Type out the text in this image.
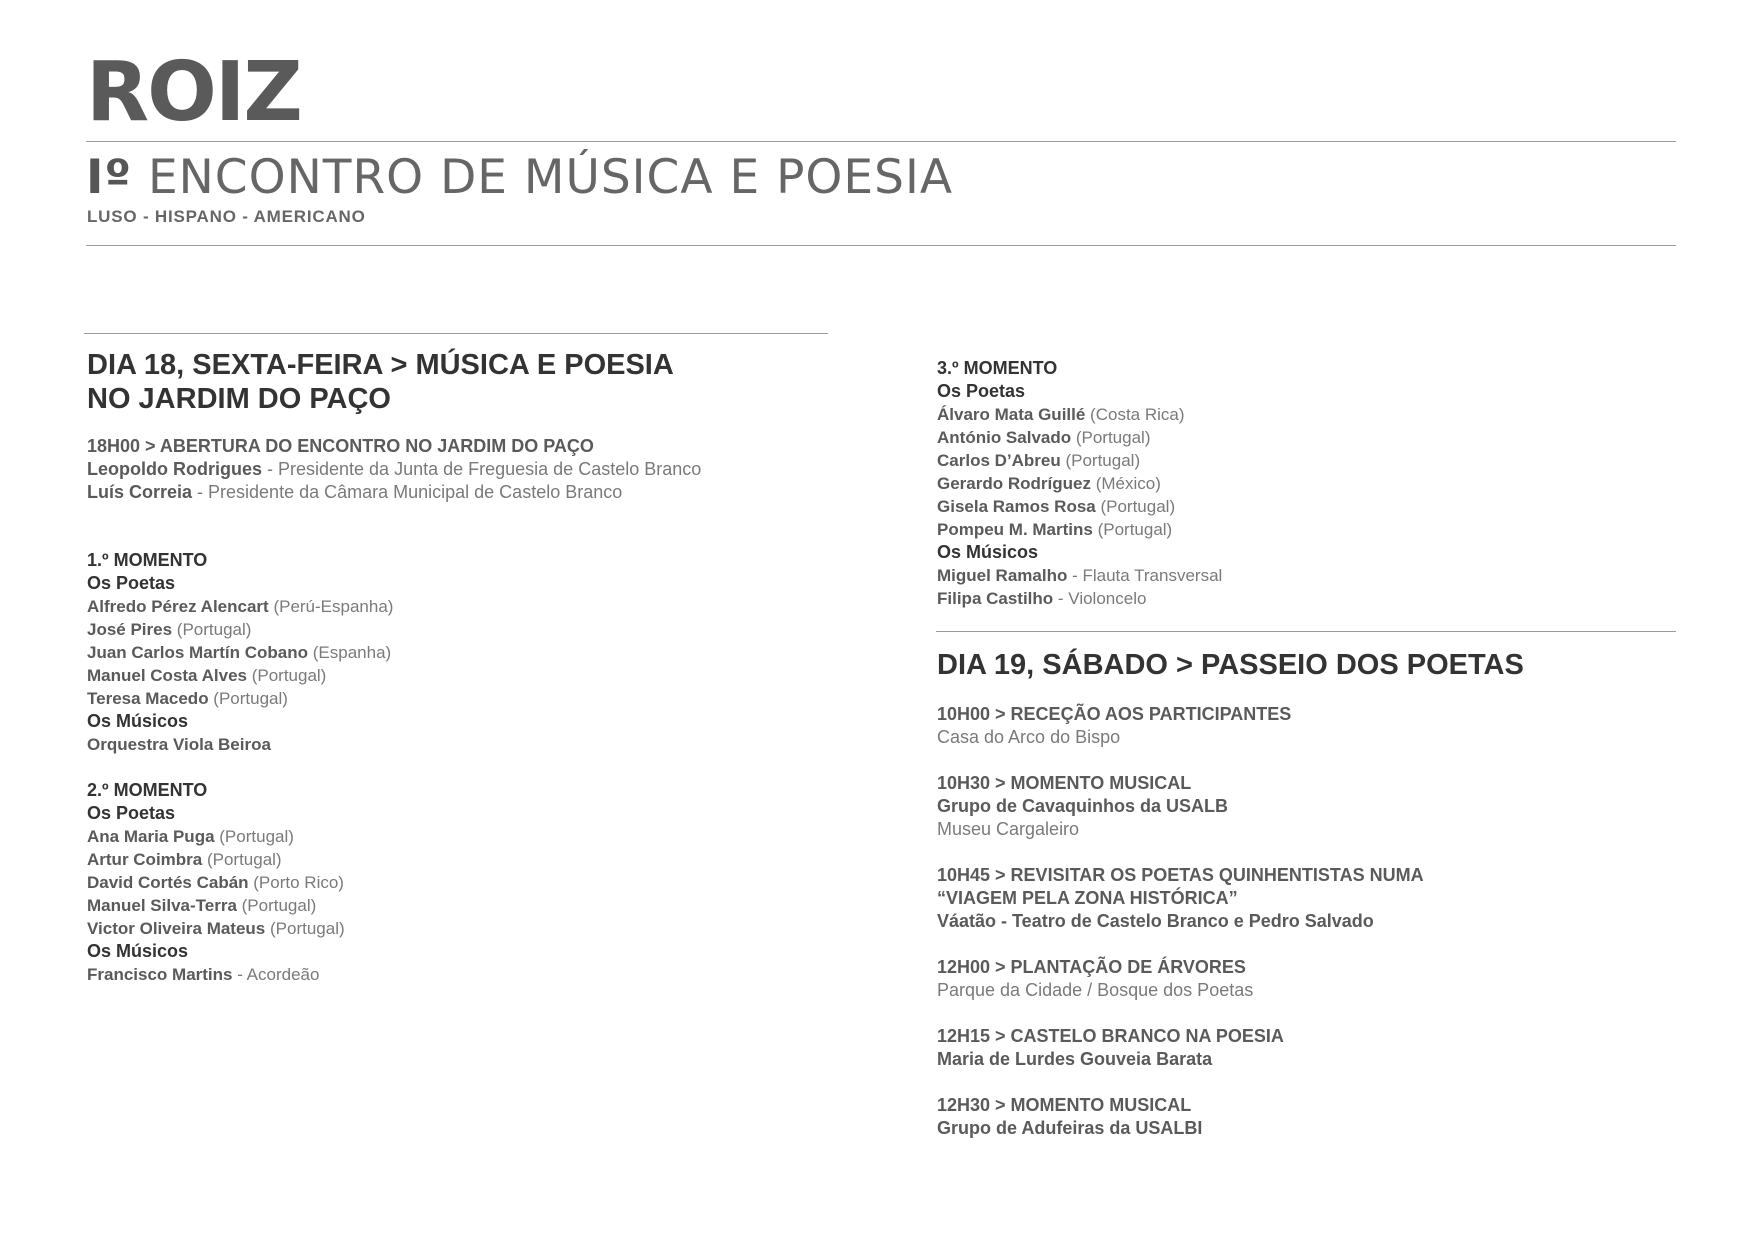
ROIZ
Iº ENCONTRO DE MÚSICA E POESIA
LUSO - HISPANO - AMERICANO
DIA 18, SEXTA-FEIRA > MÚSICA E POESIA
NO JARDIM DO PAÇO
18H00 > ABERTURA DO ENCONTRO NO JARDIM DO PAÇO
Leopoldo Rodrigues - Presidente da Junta de Freguesia de Castelo Branco
Luís Correia - Presidente da Câmara Municipal de Castelo Branco
1.º MOMENTO
Os Poetas
Alfredo Pérez Alencart (Perú-Espanha)
José Pires (Portugal)
Juan Carlos Martín Cobano (Espanha)
Manuel Costa Alves (Portugal)
Teresa Macedo (Portugal)
Os Músicos
Orquestra Viola Beiroa
2.º MOMENTO
Os Poetas
Ana Maria Puga (Portugal)
Artur Coimbra (Portugal)
David Cortés Cabán (Porto Rico)
Manuel Silva-Terra (Portugal)
Victor Oliveira Mateus (Portugal)
Os Músicos
Francisco Martins - Acordeão
3.º MOMENTO
Os Poetas
Álvaro Mata Guillé (Costa Rica)
António Salvado (Portugal)
Carlos D’Abreu (Portugal)
Gerardo Rodríguez (México)
Gisela Ramos Rosa (Portugal)
Pompeu M. Martins (Portugal)
Os Músicos
Miguel Ramalho - Flauta Transversal
Filipa Castilho - Violoncelo
DIA 19, SÁBADO > PASSEIO DOS POETAS
10H00 > RECEÇÃO AOS PARTICIPANTES
Casa do Arco do Bispo
10H30 > MOMENTO MUSICAL
Grupo de Cavaquinhos da USALB
Museu Cargaleiro
10H45 > REVISITAR OS POETAS QUINHENTISTAS NUMA
“VIAGEM PELA ZONA HISTÓRICA”
Váatão - Teatro de Castelo Branco e Pedro Salvado
12H00 > PLANTAÇÃO DE ÁRVORES
Parque da Cidade / Bosque dos Poetas
12H15 > CASTELO BRANCO NA POESIA
Maria de Lurdes Gouveia Barata
12H30 > MOMENTO MUSICAL
Grupo de Adufeiras da USALBI
